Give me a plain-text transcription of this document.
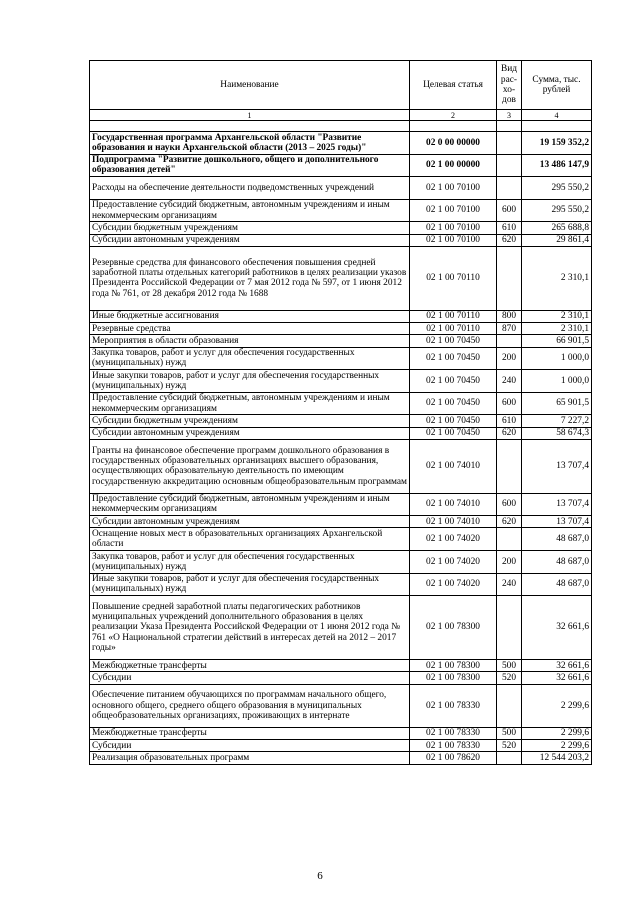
Наименование	Целевая статья	Вид рас-хо-дов	Сумма, тыс. рублей
1	2	3	4

Государственная программа Архангельской области "Развитие образования и науки Архангельской области (2013 – 2025 годы)"	02 0 00 00000		19 159 352,2
Подпрограмма "Развитие дошкольного, общего и дополнительного образования детей"	02 1 00 00000		13 486 147,9
Расходы на обеспечение деятельности подведомственных учреждений	02 1 00 70100		295 550,2
Предоставление субсидий бюджетным, автономным учреждениям и иным некоммерческим организациям	02 1 00 70100	600	295 550,2
Субсидии бюджетным учреждениям	02 1 00 70100	610	265 688,8
Субсидии автономным учреждениям	02 1 00 70100	620	29 861,4
Резервные средства для финансового обеспечения повышения средней заработной платы отдельных категорий работников в целях реализации указов Президента Российской Федерации от 7 мая 2012 года № 597, от 1 июня 2012 года № 761, от 28 декабря 2012 года № 1688	02 1 00 70110		2 310,1
Иные бюджетные ассигнования	02 1 00 70110	800	2 310,1
Резервные средства	02 1 00 70110	870	2 310,1
Мероприятия в области образования	02 1 00 70450		66 901,5
Закупка товаров, работ и услуг для обеспечения государственных (муниципальных) нужд	02 1 00 70450	200	1 000,0
Иные закупки товаров, работ и услуг для обеспечения государственных (муниципальных) нужд	02 1 00 70450	240	1 000,0
Предоставление субсидий бюджетным, автономным учреждениям и иным некоммерческим организациям	02 1 00 70450	600	65 901,5
Субсидии бюджетным учреждениям	02 1 00 70450	610	7 227,2
Субсидии автономным учреждениям	02 1 00 70450	620	58 674,3
Гранты на финансовое обеспечение программ дошкольного образования в государственных образовательных организациях высшего образования, осуществляющих образовательную деятельность по имеющим государственную аккредитацию основным общеобразовательным программам	02 1 00 74010		13 707,4
Предоставление субсидий бюджетным, автономным учреждениям и иным некоммерческим организациям	02 1 00 74010	600	13 707,4
Субсидии автономным учреждениям	02 1 00 74010	620	13 707,4
Оснащение новых мест в образовательных организациях Архангельской области	02 1 00 74020		48 687,0
Закупка товаров, работ и услуг для обеспечения государственных (муниципальных) нужд	02 1 00 74020	200	48 687,0
Иные закупки товаров, работ и услуг для обеспечения государственных (муниципальных) нужд	02 1 00 74020	240	48 687,0
Повышение средней заработной платы педагогических работников муниципальных учреждений дополнительного образования в целях реализации Указа Президента Российской Федерации от 1 июня 2012 года № 761 «О Национальной стратегии действий в интересах детей на 2012 – 2017 годы»	02 1 00 78300		32 661,6
Межбюджетные трансферты	02 1 00 78300	500	32 661,6
Субсидии	02 1 00 78300	520	32 661,6
Обеспечение питанием обучающихся по программам начального общего, основного общего, среднего общего образования в муниципальных общеобразовательных организациях, проживающих в интернате	02 1 00 78330		2 299,6
Межбюджетные трансферты	02 1 00 78330	500	2 299,6
Субсидии	02 1 00 78330	520	2 299,6
Реализация образовательных программ	02 1 00 78620		12 544 203,2
6
